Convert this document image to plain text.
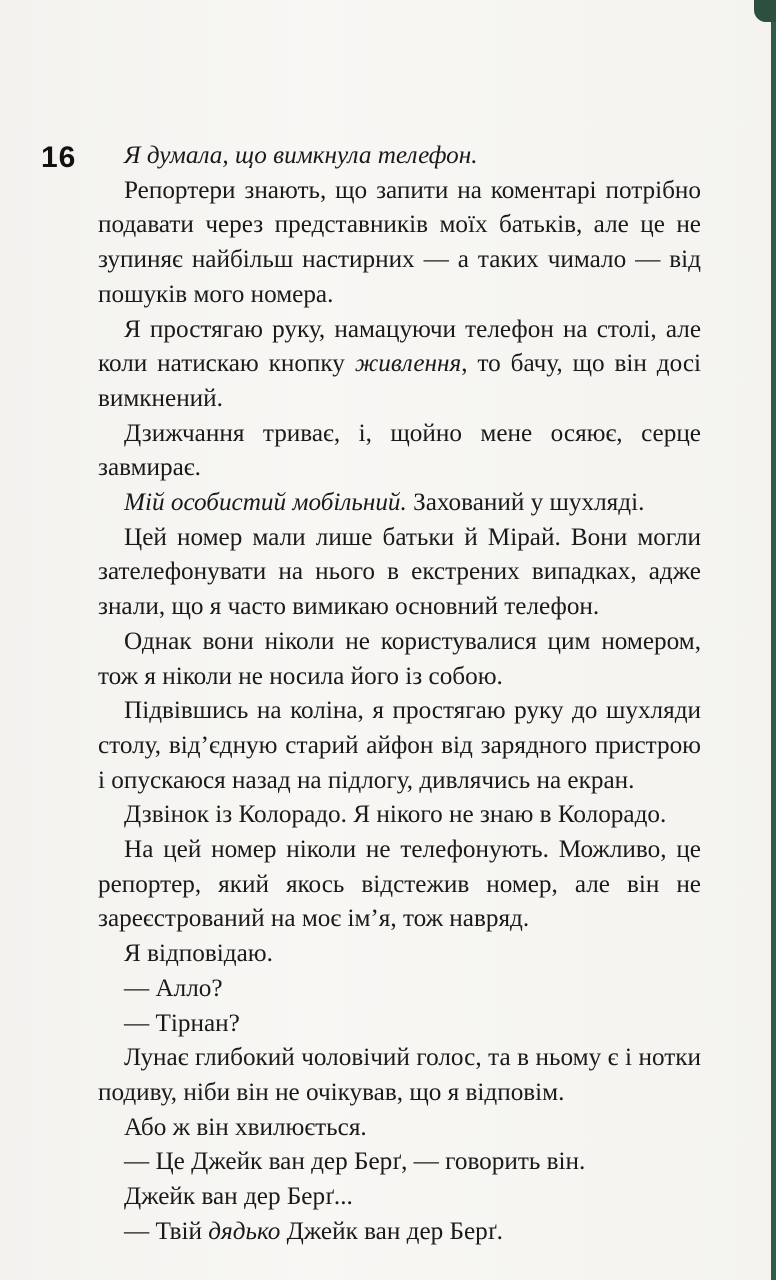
16	Я думала, що вимкнула телефон.

Репортери знають, що запити на коментарі потрібно подавати через представників моїх батьків, але це не зупиняє найбільш настирних — а таких чимало — від пошуків мого номера.

Я простягаю руку, намацуючи телефон на столі, але коли натискаю кнопку живлення, то бачу, що він досі вимкнений.

Дзижчання триває, і, щойно мене осяює, серце завмирає.

Мій особистий мобільний. Захований у шухляді.

Цей номер мали лише батьки й Мірай. Вони могли зателефонувати на нього в екстрених випадках, адже знали, що я часто вимикаю основний телефон.

Однак вони ніколи не користувалися цим номером, тож я ніколи не носила його із собою.

Підвівшись на коліна, я простягаю руку до шухляди столу, від’єдную старий айфон від зарядного пристрою і опускаюся назад на підлогу, дивлячись на екран.

Дзвінок із Колорадо. Я нікого не знаю в Колорадо.

На цей номер ніколи не телефонують. Можливо, це репортер, який якось відстежив номер, але він не зареєстрований на моє ім’я, тож навряд.

Я відповідаю.

— Алло?

— Тірнан?

Лунає глибокий чоловічий голос, та в ньому є і нотки подиву, ніби він не очікував, що я відповім.

Або ж він хвилюється.

— Це Джейк ван дер Берґ, — говорить він.

Джейк ван дер Берґ...

— Твій дядько Джейк ван дер Берґ.
